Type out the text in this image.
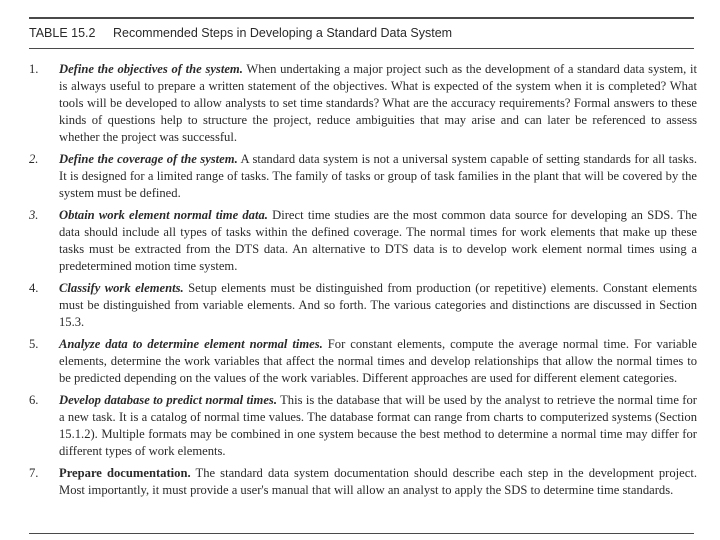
TABLE 15.2 Recommended Steps in Developing a Standard Data System
1. Define the objectives of the system. When undertaking a major project such as the development of a standard data system, it is always useful to prepare a written statement of the objectives. What is expected of the system when it is completed? What tools will be developed to allow analysts to set time standards? What are the accuracy requirements? Formal answers to these kinds of questions help to structure the project, reduce ambiguities that may arise and can later be referenced to assess whether the project was successful.
2. Define the coverage of the system. A standard data system is not a universal system capable of setting standards for all tasks. It is designed for a limited range of tasks. The family of tasks or group of task families in the plant that will be covered by the system must be defined.
3. Obtain work element normal time data. Direct time studies are the most common data source for developing an SDS. The data should include all types of tasks within the defined coverage. The normal times for work elements that make up these tasks must be extracted from the DTS data. An alternative to DTS data is to develop work element normal times using a predetermined motion time system.
4. Classify work elements. Setup elements must be distinguished from production (or repetitive) elements. Constant elements must be distinguished from variable elements. And so forth. The various categories and distinctions are discussed in Section 15.3.
5. Analyze data to determine element normal times. For constant elements, compute the average normal time. For variable elements, determine the work variables that affect the normal times and develop relationships that allow the normal times to be predicted depending on the values of the work variables. Different approaches are used for different element categories.
6. Develop database to predict normal times. This is the database that will be used by the analyst to retrieve the normal time for a new task. It is a catalog of normal time values. The database format can range from charts to computerized systems (Section 15.1.2). Multiple formats may be combined in one system because the best method to determine a normal time may differ for different types of work elements.
7. Prepare documentation. The standard data system documentation should describe each step in the development project. Most importantly, it must provide a user's manual that will allow an analyst to apply the SDS to determine time standards.
